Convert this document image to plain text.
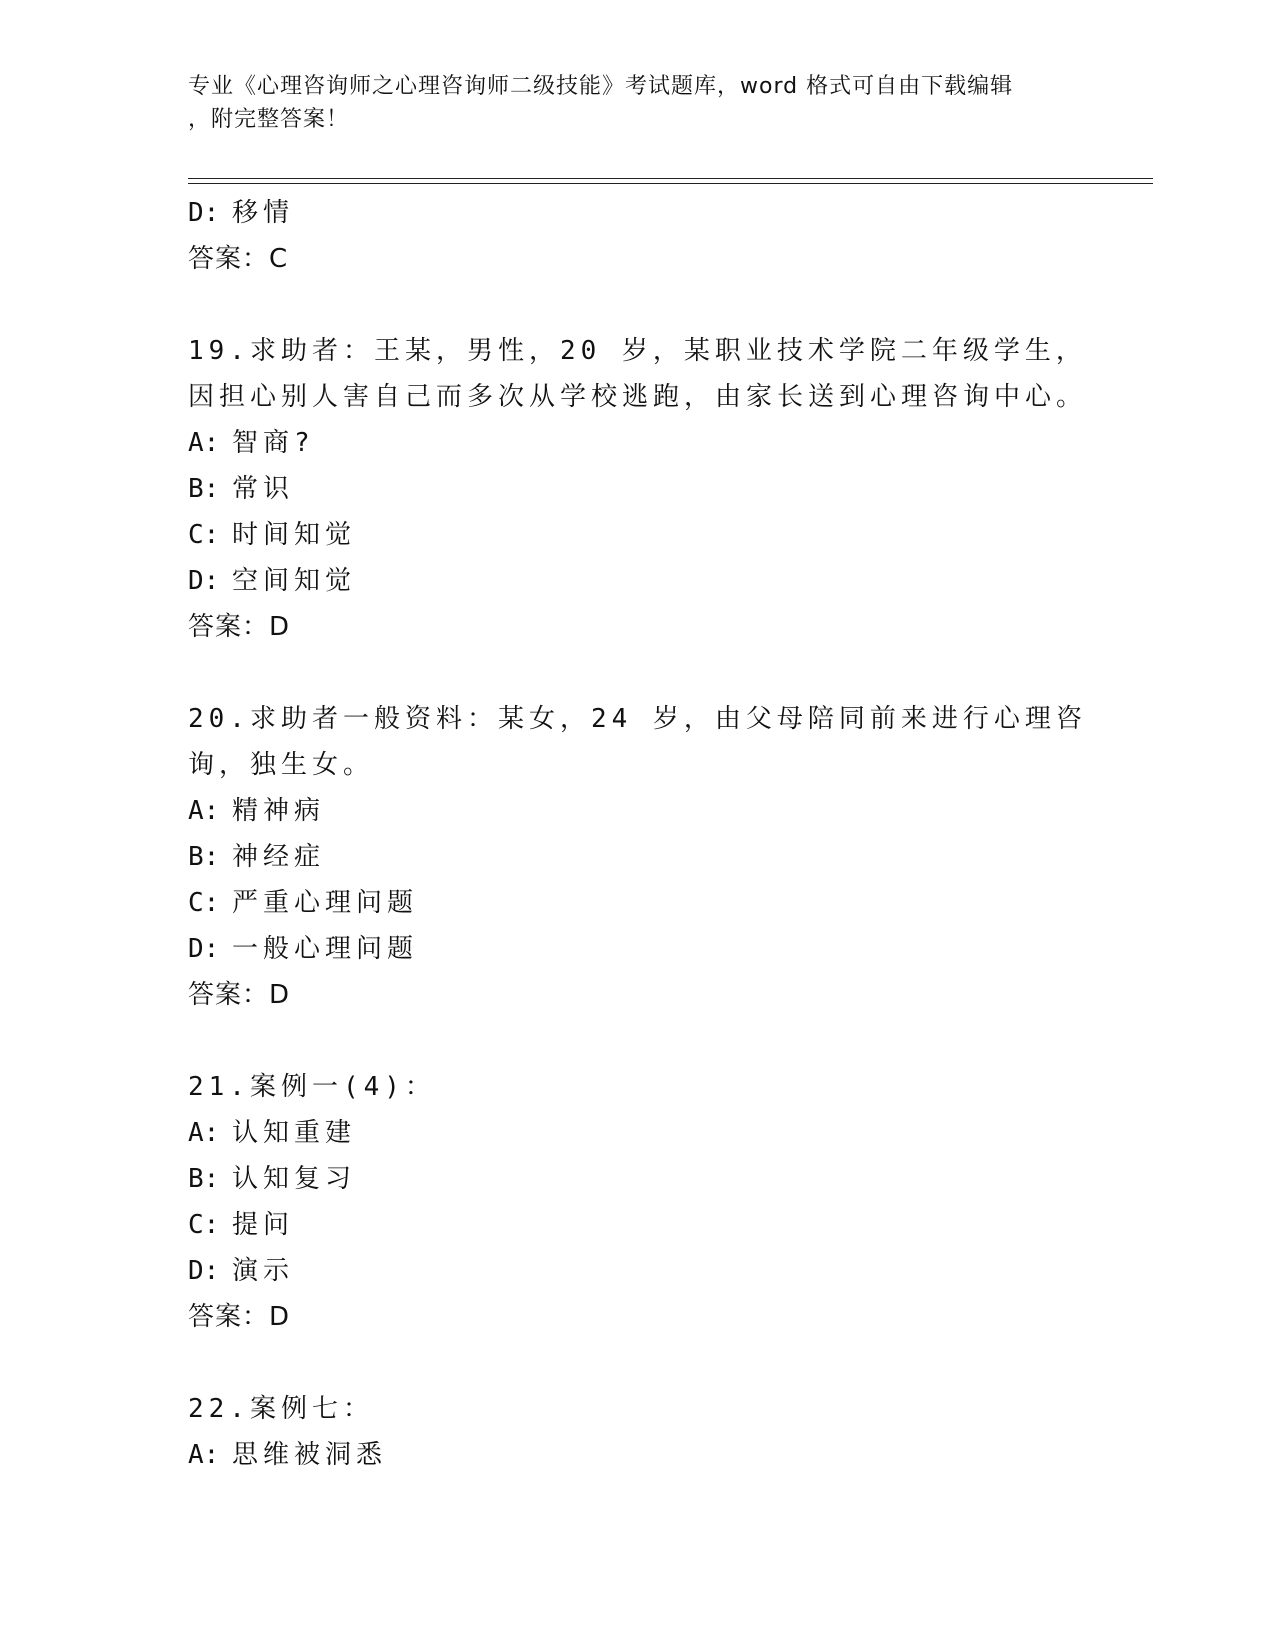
专业《心理咨询师之心理咨询师二级技能》考试题库，word 格式可自由下载编辑
，附完整答案！
D: 移情
答案：C
19.求助者：王某，男性，20 岁，某职业技术学院二年级学生，因担心别人害自己而多次从学校逃跑，由家长送到心理咨询中心。
A: 智商?
B: 常识
C: 时间知觉
D: 空间知觉
答案：D
20.求助者一般资料：某女，24 岁，由父母陪同前来进行心理咨询，独生女。
A: 精神病
B: 神经症
C: 严重心理问题
D: 一般心理问题
答案：D
21.案例一(4)：
A: 认知重建
B: 认知复习
C: 提问
D: 演示
答案：D
22.案例七：
A: 思维被洞悉
